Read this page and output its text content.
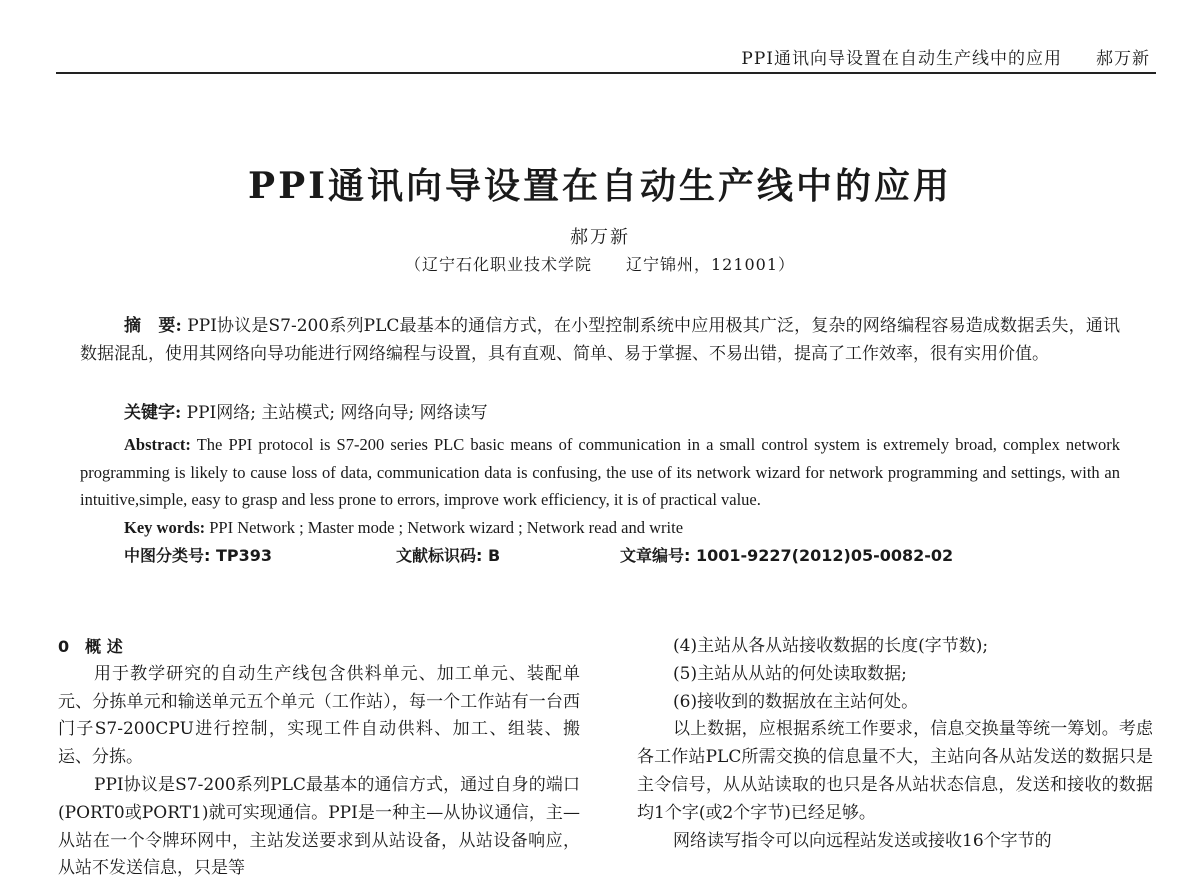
PPI通讯向导设置在自动生产线中的应用 郝万新
PPI通讯向导设置在自动生产线中的应用
郝万新
（辽宁石化职业技术学院　　辽宁锦州，121001）

摘　要: PPI协议是S7-200系列PLC最基本的通信方式，在小型控制系统中应用极其广泛，复杂的网络编程容易造成数据丢失，通讯数据混乱，使用其网络向导功能进行网络编程与设置，具有直观、简单、易于掌握、不易出错，提高了工作效率，很有实用价值。

关键字: PPI网络; 主站模式; 网络向导; 网络读写

Abstract: The PPI protocol is S7-200 series PLC basic means of communication in a small control system is extremely broad, complex network programming is likely to cause loss of data, communication data is confusing, the use of its network wizard for network programming and settings, with an intuitive,simple, easy to grasp and less prone to errors, improve work efficiency, it is of practical value.

Key words: PPI Network ; Master mode ; Network wizard ; Network read and write

中图分类号: TP393	文献标识码: B	文章编号: 1001-9227(2012)05-0082-02

0　概 述

用于教学研究的自动生产线包含供料单元、加工单元、装配单元、分拣单元和输送单元五个单元（工作站），每一个工作站有一台西门子S7-200CPU进行控制，实现工件自动供料、加工、组装、搬运、分拣。

PPI协议是S7-200系列PLC最基本的通信方式，通过自身的端口(PORT0或PORT1)就可实现通信。PPI是一种主—从协议通信，主—从站在一个令牌环网中，主站发送要求到从站设备，从站设备响应，从站不发送信息，只是等

(4)主站从各从站接收数据的长度(字节数);

(5)主站从从站的何处读取数据;

(6)接收到的数据放在主站何处。

以上数据，应根据系统工作要求，信息交换量等统一筹划。考虑各工作站PLC所需交换的信息量不大，主站向各从站发送的数据只是主令信号，从从站读取的也只是各从站状态信息，发送和接收的数据均1个字(或2个字节)已经足够。

网络读写指令可以向远程站发送或接收16个字节的
